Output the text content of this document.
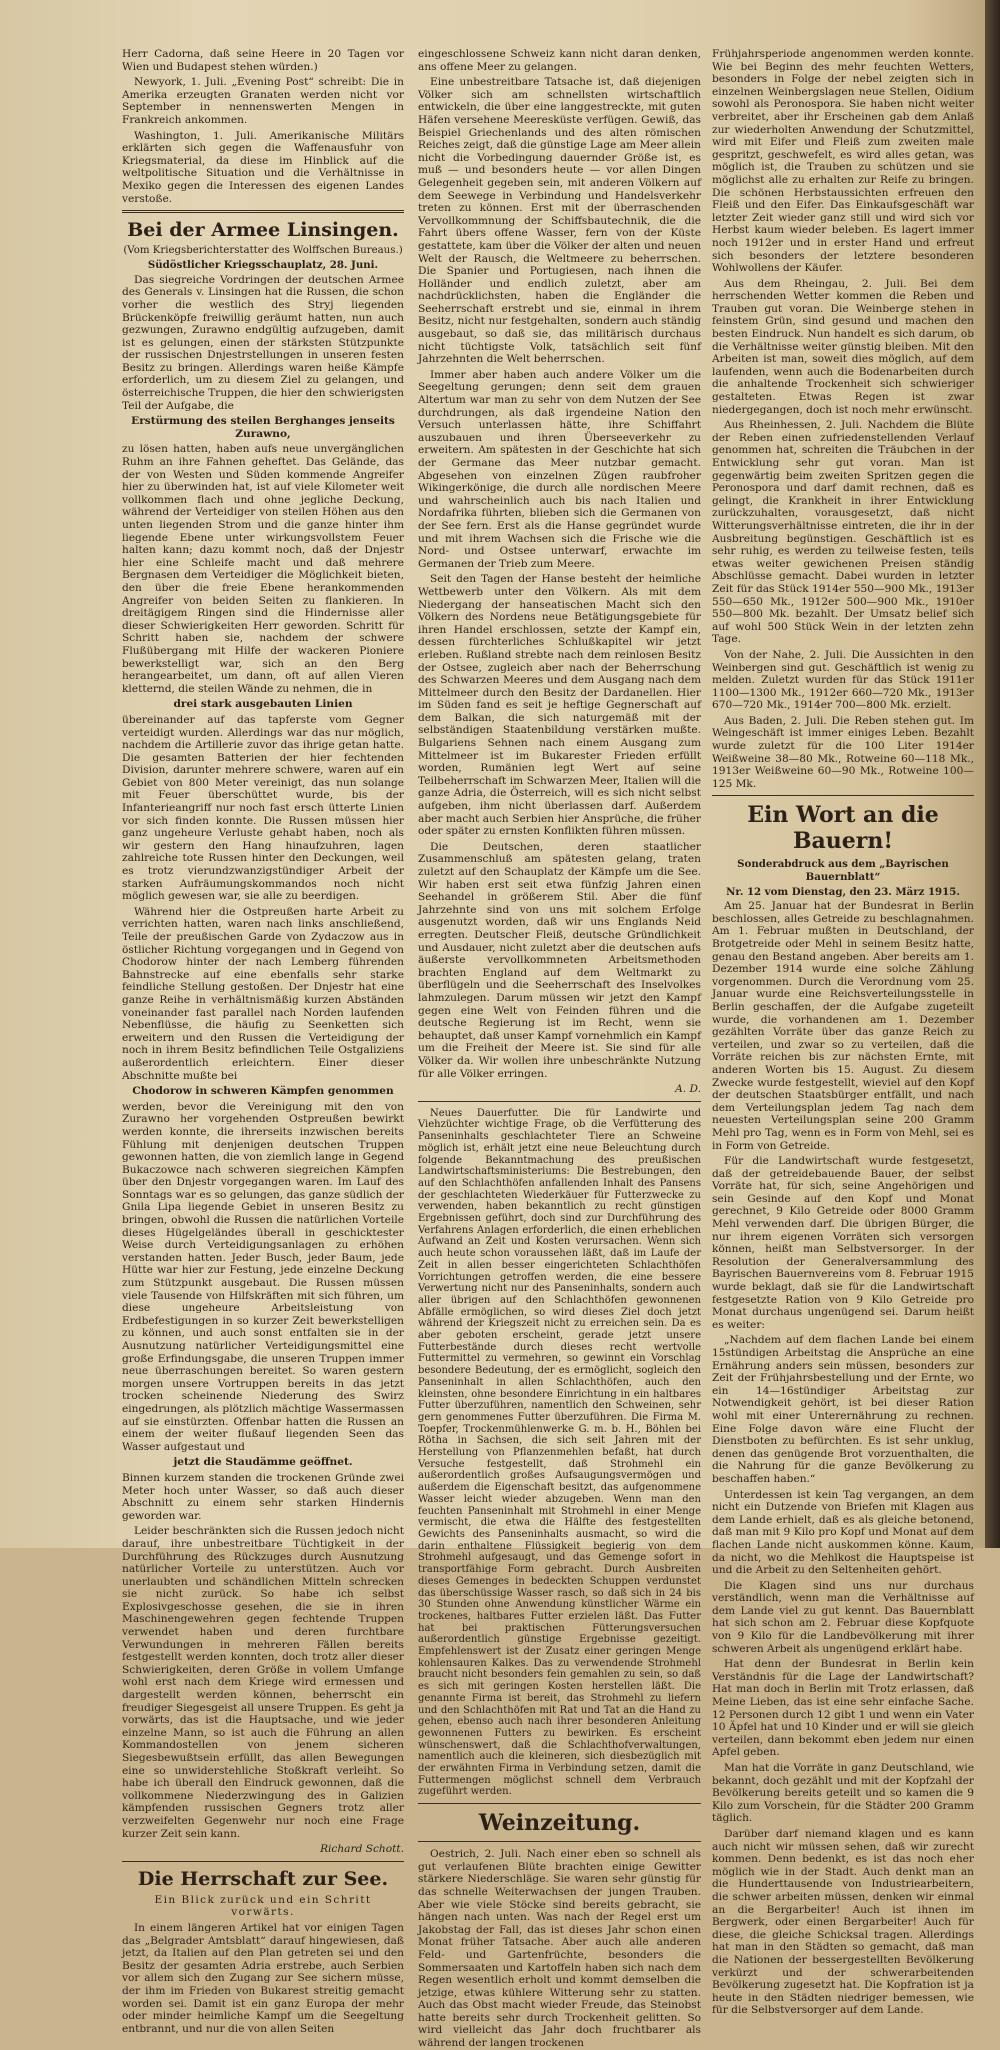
Herr Cadorna, daß seine Heere in 20 Tagen vor Wien und Budapest stehen würden.)

Newyork, 1. Juli. „Evening Post“ schreibt: Die in Amerika erzeugten Granaten werden nicht vor September in nennenswerten Mengen in Frankreich ankommen.

Washington, 1. Juli. Amerikanische Militärs erklärten sich gegen die Waffenausfuhr von Kriegsmaterial, da diese im Hinblick auf die weltpolitische Situation und die Verhältnisse in Mexiko gegen die Interessen des eigenen Landes verstoße.

Bei der Armee Linsingen.
(Vom Kriegsberichterstatter des Wolffschen Bureaus.)
Südöstlicher Kriegsschauplatz, 28. Juni.

Das siegreiche Vordringen der deutschen Armee des Generals v. Linsingen hat die Russen, die schon vorher die westlich des Stryj liegenden Brückenköpfe freiwillig geräumt hatten, nun auch gezwungen, Zurawno endgültig aufzugeben, damit ist es gelungen, einen der stärksten Stützpunkte der russischen Dnjestrstellungen in unseren festen Besitz zu bringen. Allerdings waren heiße Kämpfe erforderlich, um zu diesem Ziel zu gelangen, und österreichische Truppen, die hier den schwierigsten Teil der Aufgabe, die

Erstürmung des steilen Berghanges jenseits Zurawno,

zu lösen hatten, haben aufs neue unvergänglichen Ruhm an ihre Fahnen geheftet. Das Gelände, das der von Westen und Süden kommende Angreifer hier zu überwinden hat, ist auf viele Kilometer weit vollkommen flach und ohne jegliche Deckung, während der Verteidiger von steilen Höhen aus den unten liegenden Strom und die ganze hinter ihm liegende Ebene unter wirkungsvollstem Feuer halten kann; dazu kommt noch, daß der Dnjestr hier eine Schleife macht und daß mehrere Bergnasen dem Verteidiger die Möglichkeit bieten, den über die freie Ebene herankommenden Angreifer von beiden Seiten zu flankieren. In dreitägigem Ringen sind die Hindernisse aller dieser Schwierigkeiten Herr geworden. Schritt für Schritt haben sie, nachdem der schwere Flußübergang mit Hilfe der wackeren Pioniere bewerkstelligt war, sich an den Berg herangearbeitet, um dann, oft auf allen Vieren kletternd, die steilen Wände zu nehmen, die in

drei stark ausgebauten Linien

übereinander auf das tapferste vom Gegner verteidigt wurden. Allerdings war das nur möglich, nachdem die Artillerie zuvor das ihrige getan hatte. Die gesamten Batterien der hier fechtenden Division, darunter mehrere schwere, waren auf ein Gebiet von 800 Meter vereinigt, das nun solange mit Feuer überschüttet wurde, bis der Infanterieangriff nur noch fast ersch ütterte Linien vor sich finden konnte. Die Russen müssen hier ganz ungeheure Verluste gehabt haben, noch als wir gestern den Hang hinaufzuhren, lagen zahlreiche tote Russen hinter den Deckungen, weil es trotz vierundzwanzigstündiger Arbeit der starken Aufräumungskommandos noch nicht möglich gewesen war, sie alle zu beerdigen.

Während hier die Ostpreußen harte Arbeit zu verrichten hatten, waren nach links anschließend, Teile der preußischen Garde von Zydaczow aus in östlicher Richtung vorgegangen und in Gegend von Chodorow hinter der nach Lemberg führenden Bahnstrecke auf eine ebenfalls sehr starke feindliche Stellung gestoßen. Der Dnjestr hat eine ganze Reihe in verhältnismäßig kurzen Abständen voneinander fast parallel nach Norden laufenden Nebenflüsse, die häufig zu Seenketten sich erweitern und den Russen die Verteidigung der noch in ihrem Besitz befindlichen Teile Ostgaliziens außerordentlich erleichtern. Einer dieser Abschnitte mußte bei

Chodorow in schweren Kämpfen genommen

werden, bevor die Vereinigung mit den von Zurawno her vorgehenden Ostpreußen bewirkt werden konnte, die ihrerseits inzwischen bereits Fühlung mit denjenigen deutschen Truppen gewonnen hatten, die von ziemlich lange in Gegend Bukaczowce nach schweren siegreichen Kämpfen über den Dnjestr vorgegangen waren. Im Lauf des Sonntags war es so gelungen, das ganze südlich der Gnila Lipa liegende Gebiet in unseren Besitz zu bringen, obwohl die Russen die natürlichen Vorteile dieses Hügelgeländes überall in geschicktester Weise durch Verteidigungsanlagen zu erhöhen verstanden hatten. Jeder Busch, jeder Baum, jede Hütte war hier zur Festung, jede einzelne Deckung zum Stützpunkt ausgebaut. Die Russen müssen viele Tausende von Hilfskräften mit sich führen, um diese ungeheure Arbeitsleistung von Erdbefestigungen in so kurzer Zeit bewerkstelligen zu können, und auch sonst entfalten sie in der Ausnutzung natürlicher Verteidigungsmittel eine große Erfindungsgabe, die unseren Truppen immer neue überraschungen bereitet. So waren gestern morgen unsere Vortruppen bereits in das jetzt trocken scheinende Niederung des Swirz eingedrungen, als plötzlich mächtige Wassermassen auf sie einstürzten. Offenbar hatten die Russen an einem der weiter flußauf liegenden Seen das Wasser aufgestaut und

jetzt die Staudämme geöffnet.

Binnen kurzem standen die trockenen Gründe zwei Meter hoch unter Wasser, so daß auch dieser Abschnitt zu einem sehr starken Hindernis geworden war.

Leider beschränkten sich die Russen jedoch nicht darauf, ihre unbestreitbare Tüchtigkeit in der Durchführung des Rückzuges durch Ausnutzung natürlicher Vorteile zu unterstützen. Auch vor unerlaubten und schändlichen Mitteln schrecken sie nicht zurück. So habe ich selbst Explosivgeschosse gesehen, die sie in ihren Maschinengewehren gegen fechtende Truppen verwendet haben und deren furchtbare Verwundungen in mehreren Fällen bereits festgestellt werden konnten, doch trotz aller dieser Schwierigkeiten, deren Größe in vollem Umfange wohl erst nach dem Kriege wird ermessen und dargestellt werden können, beherrscht ein freudiger Siegesgeist all unsere Truppen. Es geht ja vorwärts, das ist die Hauptsache, und wie jeder einzelne Mann, so ist auch die Führung an allen Kommandostellen von jenem sicheren Siegesbewußtsein erfüllt, das allen Bewegungen eine so unwiderstehliche Stoßkraft verleiht. So habe ich überall den Eindruck gewonnen, daß die vollkommene Niederzwingung des in Galizien kämpfenden russischen Gegners trotz aller verzweifelten Gegenwehr nur noch eine Frage kurzer Zeit sein kann.

Richard Schott.
Die Herrschaft zur See.
Ein Blick zurück und ein Schritt vorwärts.

In einem längeren Artikel hat vor einigen Tagen das „Belgrader Amtsblatt“ darauf hingewiesen, daß jetzt, da Italien auf den Plan getreten sei und den Besitz der gesamten Adria erstrebe, auch Serbien vor allem sich den Zugang zur See sichern müsse, der ihm im Frieden von Bukarest streitig gemacht worden sei. Damit ist ein ganz Europa der mehr oder minder heimliche Kampf um die Seegeltung entbrannt, und nur die von allen Seiten

eingeschlossene Schweiz kann nicht daran denken, ans offene Meer zu gelangen.

Eine unbestreitbare Tatsache ist, daß diejenigen Völker sich am schnellsten wirtschaftlich entwickeln, die über eine langgestreckte, mit guten Häfen versehene Meeresküste verfügen. Gewiß, das Beispiel Griechenlands und des alten römischen Reiches zeigt, daß die günstige Lage am Meer allein nicht die Vorbedingung dauernder Größe ist, es muß — und besonders heute — vor allen Dingen Gelegenheit gegeben sein, mit anderen Völkern auf dem Seewege in Verbindung und Handelsverkehr treten zu können. Erst mit der überraschenden Vervollkommnung der Schiffsbautechnik, die die Fahrt übers offene Wasser, fern von der Küste gestattete, kam über die Völker der alten und neuen Welt der Rausch, die Weltmeere zu beherrschen. Die Spanier und Portugiesen, nach ihnen die Holländer und endlich zuletzt, aber am nachdrücklichsten, haben die Engländer die Seeherrschaft erstrebt und sie, einmal in ihrem Besitz, nicht nur festgehalten, sondern auch ständig ausgebaut, so daß sie, das militärisch durchaus nicht tüchtigste Volk, tatsächlich seit fünf Jahrzehnten die Welt beherrschen.

Immer aber haben auch andere Völker um die Seegeltung gerungen; denn seit dem grauen Altertum war man zu sehr von dem Nutzen der See durchdrungen, als daß irgendeine Nation den Versuch unterlassen hätte, ihre Schiffahrt auszubauen und ihren Überseeverkehr zu erweitern. Am spätesten in der Geschichte hat sich der Germane das Meer nutzbar gemacht. Abgesehen von einzelnen Zügen raubfroher Wikingerkönige, die durch alle nordischen Meere und wahrscheinlich auch bis nach Italien und Nordafrika führten, blieben sich die Germanen von der See fern. Erst als die Hanse gegründet wurde und mit ihrem Wachsen sich die Frische wie die Nord- und Ostsee unterwarf, erwachte im Germanen der Trieb zum Meere.

Seit den Tagen der Hanse besteht der heimliche Wettbewerb unter den Völkern. Als mit dem Niedergang der hanseatischen Macht sich den Völkern des Nordens neue Betätigungsgebiete für ihren Handel erschlossen, setzte der Kampf ein, dessen fürchterliches Schlußkapitel wir jetzt erleben. Rußland strebte nach dem reinlosen Besitz der Ostsee, zugleich aber nach der Beherrschung des Schwarzen Meeres und dem Ausgang nach dem Mittelmeer durch den Besitz der Dardanellen. Hier im Süden fand es seit je heftige Gegnerschaft auf dem Balkan, die sich naturgemäß mit der selbständigen Staatenbildung verstärken mußte. Bulgariens Sehnen nach einem Ausgang zum Mittelmeer ist im Bukarester Frieden erfüllt worden, Rumänien legt Wert auf seine Teilbeherrschaft im Schwarzen Meer, Italien will die ganze Adria, die Österreich, will es sich nicht selbst aufgeben, ihm nicht überlassen darf. Außerdem aber macht auch Serbien hier Ansprüche, die früher oder später zu ernsten Konflikten führen müssen.

Die Deutschen, deren staatlicher Zusammenschluß am spätesten gelang, traten zuletzt auf den Schauplatz der Kämpfe um die See. Wir haben erst seit etwa fünfzig Jahren einen Seehandel in größerem Stil. Aber die fünf Jahrzehnte sind von uns mit solchem Erfolge ausgenutzt worden, daß wir uns Englands Neid erregten. Deutscher Fleiß, deutsche Gründlichkeit und Ausdauer, nicht zuletzt aber die deutschen aufs äußerste vervollkommneten Arbeitsmethoden brachten England auf dem Weltmarkt zu überflügeln und die Seeherrschaft des Inselvolkes lahmzulegen. Darum müssen wir jetzt den Kampf gegen eine Welt von Feinden führen und die deutsche Regierung ist im Recht, wenn sie behauptet, daß unser Kampf vornehmlich ein Kampf um die Freiheit der Meere ist. Sie sind für alle Völker da. Wir wollen ihre unbeschränkte Nutzung für alle Völker erringen.

A. D.

Neues Dauerfutter. Die für Landwirte und Viehzüchter wichtige Frage, ob die Verfütterung des Panseninhalts geschlachteter Tiere an Schweine möglich ist, erhält jetzt eine neue Beleuchtung durch folgende Bekanntmachung des preußischen Landwirtschaftsministeriums: Die Bestrebungen, den auf den Schlachthöfen anfallenden Inhalt des Pansens der geschlachteten Wiederkäuer für Futterzwecke zu verwenden, haben bekanntlich zu recht günstigen Ergebnissen geführt, doch sind zur Durchführung des Verfahrens Anlagen erforderlich, die einen erheblichen Aufwand an Zeit und Kosten verursachen. Wenn sich auch heute schon voraussehen läßt, daß im Laufe der Zeit in allen besser eingerichteten Schlachthöfen Vorrichtungen getroffen werden, die eine bessere Verwertung nicht nur des Panseninhalts, sondern auch aller übrigen auf den Schlachthöfen gewonnenen Abfälle ermöglichen, so wird dieses Ziel doch jetzt während der Kriegszeit nicht zu erreichen sein. Da es aber geboten erscheint, gerade jetzt unsere Futterbestände durch dieses recht wertvolle Futtermittel zu vermehren, so gewinnt ein Vorschlag besondere Bedeutung, der es ermöglicht, sogleich den Panseninhalt in allen Schlachthöfen, auch den kleinsten, ohne besondere Einrichtung in ein haltbares Futter überzuführen, namentlich den Schweinen, sehr gern genommenes Futter überzuführen. Die Firma M. Toepfer, Trockenmühlenwerke G. m. b. H., Böhlen bei Rötha in Sachsen, die sich seit Jahren mit der Herstellung von Pflanzenmehlen befaßt, hat durch Versuche festgestellt, daß Strohmehl ein außerordentlich großes Aufsaugungsvermögen und außerdem die Eigenschaft besitzt, das aufgenommene Wasser leicht wieder abzugeben. Wenn man den feuchten Panseninhalt mit Strohmehl in einer Menge vermischt, die etwa die Hälfte des festgestellten Gewichts des Panseninhalts ausmacht, so wird die darin enthaltene Flüssigkeit begierig von dem Strohmehl aufgesaugt, und das Gemenge sofort in transportfähige Form gebracht. Durch Ausbreiten dieses Gemenges in bedeckten Schuppen verdunstet das überschüssige Wasser rasch, so daß sich in 24 bis 30 Stunden ohne Anwendung künstlicher Wärme ein trockenes, haltbares Futter erzielen läßt. Das Futter hat bei praktischen Fütterungsversuchen außerordentlich günstige Ergebnisse gezeitigt. Empfehlenswert ist der Zusatz einer geringen Menge kohlensauren Kalkes. Das zu verwendende Strohmehl braucht nicht besonders fein gemahlen zu sein, so daß es sich mit geringen Kosten herstellen läßt. Die genannte Firma ist bereit, das Strohmehl zu liefern und den Schlachthöfen mit Rat und Tat an die Hand zu gehen, ebenso auch nach ihrer besonderen Anleitung gewonnenen Futters zu bewirken. Es erscheint wünschenswert, daß die Schlachthofverwaltungen, namentlich auch die kleineren, sich diesbezüglich mit der erwähnten Firma in Verbindung setzen, damit die Futtermengen möglichst schnell dem Verbrauch zugeführt werden.

Weinzeitung.

Oestrich, 2. Juli. Nach einer eben so schnell als gut verlaufenen Blüte brachten einige Gewitter stärkere Niederschläge. Sie waren sehr günstig für das schnelle Weiterwachsen der jungen Trauben. Aber wie viele Stöcke sind bereits gebracht, sie hängen nach unten. Was nach der Regel erst um Jakobstag der Fall, das ist dieses Jahr schon einen Monat früher Tatsache. Aber auch alle anderen Feld- und Gartenfrüchte, besonders die Sommersaaten und Kartoffeln haben sich nach dem Regen wesentlich erholt und kommt demselben die jetzige, etwas kühlere Witterung sehr zu statten. Auch das Obst macht wieder Freude, das Steinobst hatte bereits sehr durch Trockenheit gelitten. So wird vielleicht das Jahr doch fruchtbarer als während der langen trockenen

Frühjahrsperiode angenommen werden konnte. Wie bei Beginn des mehr feuchten Wetters, besonders in Folge der nebel zeigten sich in einzelnen Weinbergslagen neue Stellen, Oidium sowohl als Peronospora. Sie haben nicht weiter verbreitet, aber ihr Erscheinen gab dem Anlaß zur wiederholten Anwendung der Schutzmittel, wird mit Eifer und Fleiß zum zweiten male gespritzt, geschwefelt, es wird alles getan, was möglich ist, die Trauben zu schützen und sie möglichst alle zu erhalten zur Reife zu bringen. Die schönen Herbstaussichten erfreuen den Fleiß und den Eifer. Das Einkaufsgeschäft war letzter Zeit wieder ganz still und wird sich vor Herbst kaum wieder beleben. Es lagert immer noch 1912er und in erster Hand und erfreut sich besonders der letztere besonderen Wohlwollens der Käufer.

Aus dem Rheingau, 2. Juli. Bei dem herrschenden Wetter kommen die Reben und Trauben gut voran. Die Weinberge stehen in feinstem Grün, sind gesund und machen den besten Eindruck. Nun handelt es sich darum, ob die Verhältnisse weiter günstig bleiben. Mit den Arbeiten ist man, soweit dies möglich, auf dem laufenden, wenn auch die Bodenarbeiten durch die anhaltende Trockenheit sich schwieriger gestalteten. Etwas Regen ist zwar niedergegangen, doch ist noch mehr erwünscht.

Aus Rheinhessen, 2. Juli. Nachdem die Blüte der Reben einen zufriedenstellenden Verlauf genommen hat, schreiten die Träubchen in der Entwicklung sehr gut voran. Man ist gegenwärtig beim zweiten Spritzen gegen die Peronospora und darf damit rechnen, daß es gelingt, die Krankheit in ihrer Entwicklung zurückzuhalten, vorausgesetzt, daß nicht Witterungsverhältnisse eintreten, die ihr in der Ausbreitung begünstigen. Geschäftlich ist es sehr ruhig, es werden zu teilweise festen, teils etwas weiter gewichenen Preisen ständig Abschlüsse gemacht. Dabei wurden in letzter Zeit für das Stück 1914er 550—900 Mk., 1913er 550—650 Mk., 1912er 500—900 Mk., 1910er 550—800 Mk. bezahlt. Der Umsatz belief sich auf wohl 500 Stück Wein in der letzten zehn Tage.

Von der Nahe, 2. Juli. Die Aussichten in den Weinbergen sind gut. Geschäftlich ist wenig zu melden. Zuletzt wurden für das Stück 1911er 1100—1300 Mk., 1912er 660—720 Mk., 1913er 670—720 Mk., 1914er 700—800 Mk. erzielt.

Aus Baden, 2. Juli. Die Reben stehen gut. Im Weingeschäft ist immer einiges Leben. Bezahlt wurde zuletzt für die 100 Liter 1914er Weißweine 38—80 Mk., Rotweine 60—118 Mk., 1913er Weißweine 60—90 Mk., Rotweine 100—125 Mk.

Ein Wort an die Bauern!
Sonderabdruck aus dem „Bayrischen Bauernblatt“
Nr. 12 vom Dienstag, den 23. März 1915.

Am 25. Januar hat der Bundesrat in Berlin beschlossen, alles Getreide zu beschlagnahmen. Am 1. Februar mußten in Deutschland, der Brotgetreide oder Mehl in seinem Besitz hatte, genau den Bestand angeben. Aber bereits am 1. Dezember 1914 wurde eine solche Zählung vorgenommen. Durch die Verordnung vom 25. Januar wurde eine Reichsverteilungsstelle in Berlin geschaffen, der die Aufgabe zugeteilt wurde, die vorhandenen am 1. Dezember gezählten Vorräte über das ganze Reich zu verteilen, und zwar so zu verteilen, daß die Vorräte reichen bis zur nächsten Ernte, mit anderen Worten bis 15. August. Zu diesem Zwecke wurde festgestellt, wieviel auf den Kopf der deutschen Staatsbürger entfällt, und nach dem Verteilungsplan jedem Tag nach dem neuesten Verteilungsplan seine 200 Gramm Mehl pro Tag, wenn es in Form von Mehl, sei es in Form von Getreide.

Für die Landwirtschaft wurde festgesetzt, daß der getreidebauende Bauer, der selbst Vorräte hat, für sich, seine Angehörigen und sein Gesinde auf den Kopf und Monat gerechnet, 9 Kilo Getreide oder 8000 Gramm Mehl verwenden darf. Die übrigen Bürger, die nur ihrem eigenen Vorräten sich versorgen können, heißt man Selbstversorger. In der Resolution der Generalversammlung des Bayrischen Bauernvereins vom 8. Februar 1915 wurde beklagt, daß sie für die Landwirtschaft festgesetzte Ration von 9 Kilo Getreide pro Monat durchaus ungenügend sei. Darum heißt es weiter:

„Nachdem auf dem flachen Lande bei einem 15stündigen Arbeitstag die Ansprüche an eine Ernährung anders sein müssen, besonders zur Zeit der Frühjahrsbestellung und der Ernte, wo ein 14—16stündiger Arbeitstag zur Notwendigkeit gehört, ist bei dieser Ration wohl mit einer Unterernährung zu rechnen. Eine Folge davon wäre eine Flucht der Dienstboten zu befürchten. Es ist sehr unklug, denen das genügende Brot vorzuenthalten, die die Nahrung für die ganze Bevölkerung zu beschaffen haben.“

Unterdessen ist kein Tag vergangen, an dem nicht ein Dutzende von Briefen mit Klagen aus dem Lande erhielt, daß es als gleiche betonend, daß man mit 9 Kilo pro Kopf und Monat auf dem flachen Lande nicht auskommen könne. Kaum, da nicht, wo die Mehlkost die Hauptspeise ist und die Arbeit zu den Seltenheiten gehört.

Die Klagen sind uns nur durchaus verständlich, wenn man die Verhältnisse auf dem Lande viel zu gut kennt. Das Bauernblatt hat sich schon am 2. Februar diese Kopfquote von 9 Kilo für die Landbevölkerung mit ihrer schweren Arbeit als ungenügend erklärt habe.

Hat denn der Bundesrat in Berlin kein Verständnis für die Lage der Landwirtschaft? Hat man doch in Berlin mit Trotz erlassen, daß Meine Lieben, das ist eine sehr einfache Sache. 12 Personen durch 12 gibt 1 und wenn ein Vater 10 Äpfel hat und 10 Kinder und er will sie gleich verteilen, dann bekommt eben jedem nur einen Apfel geben.

Man hat die Vorräte in ganz Deutschland, wie bekannt, doch gezählt und mit der Kopfzahl der Bevölkerung bereits geteilt und so kamen die 9 Kilo zum Vorschein, für die Städter 200 Gramm täglich.

Darüber darf niemand klagen und es kann auch nicht wir müssen sehen, daß wir zurecht kommen. Denn bedenkt, es ist das noch eher möglich wie in der Stadt. Auch denkt man an die Hunderttausende von Industriearbeitern, die schwer arbeiten müssen, denken wir einmal an die Bergarbeiter! Auch ist ihnen im Bergwerk, oder einen Bergarbeiter! Auch für diese, die gleiche Schicksal tragen. Allerdings hat man in den Städten so gemacht, daß man die Nationen der bessergestellten Bevölkerung verkürzt und der schwerarbeitenden Bevölkerung zugesetzt hat. Die Kopfration ist ja heute in den Städten niedriger bemessen, wie für die Selbstversorger auf dem Lande.
